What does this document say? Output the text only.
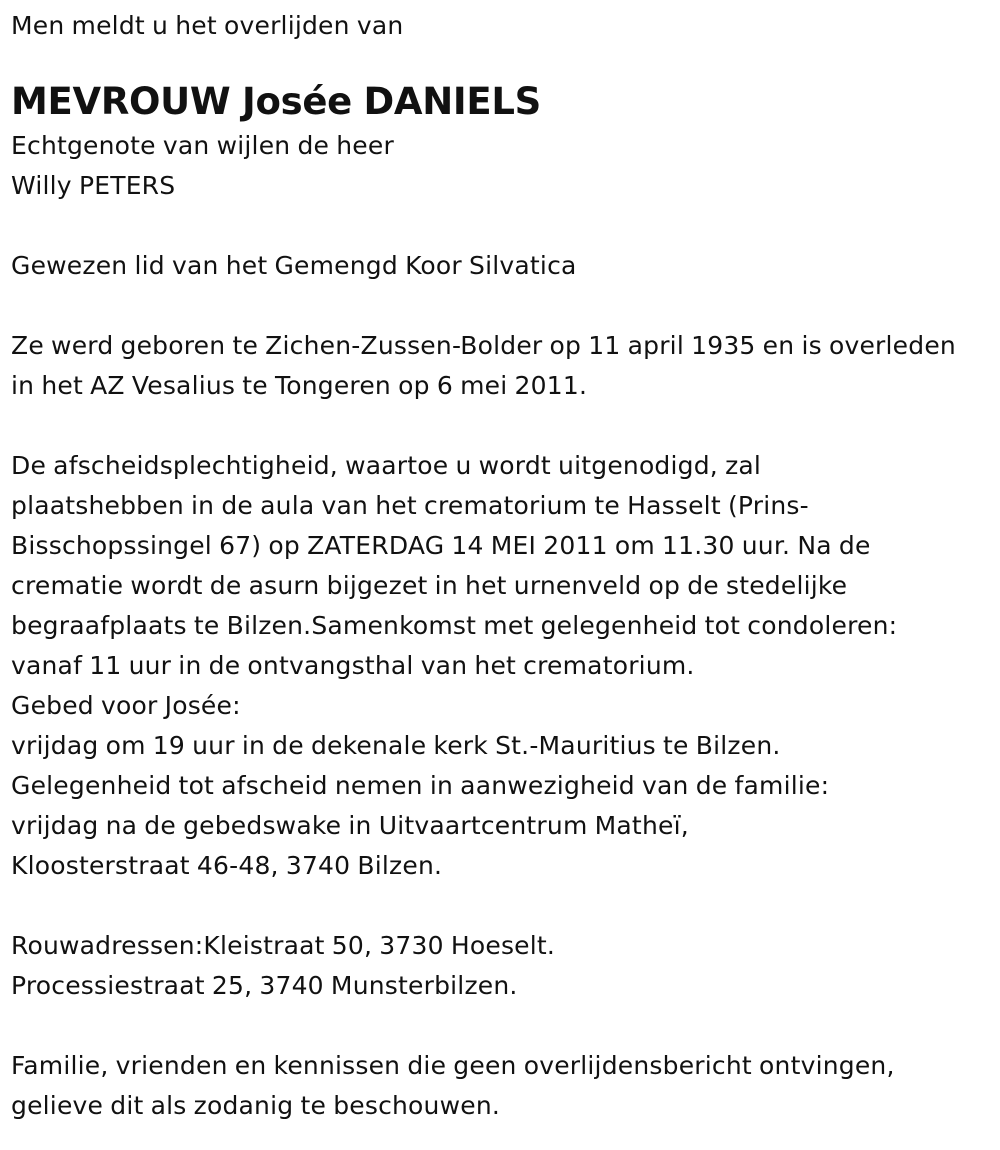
Men meldt u het overlijden van
MEVROUW Josée DANIELS
Echtgenote van wijlen de heer
Willy PETERS
Gewezen lid van het Gemengd Koor Silvatica
Ze werd geboren te Zichen-Zussen-Bolder op 11 april 1935 en is overleden
in het AZ Vesalius te Tongeren op 6 mei 2011.
De afscheidsplechtigheid, waartoe u wordt uitgenodigd, zal
plaatshebben in de aula van het crematorium te Hasselt (Prins-
Bisschopssingel 67) op ZATERDAG 14 MEI 2011 om 11.30 uur. Na de
crematie wordt de asurn bijgezet in het urnenveld op de stedelijke
begraafplaats te Bilzen.Samenkomst met gelegenheid tot condoleren:
vanaf 11 uur in de ontvangsthal van het crematorium.
Gebed voor Josée:
vrijdag om 19 uur in de dekenale kerk St.-Mauritius te Bilzen.
Gelegenheid tot afscheid nemen in aanwezigheid van de familie:
vrijdag na de gebedswake in Uitvaartcentrum Matheï,
Kloosterstraat 46-48, 3740 Bilzen.
Rouwadressen:Kleistraat 50, 3730 Hoeselt.
Processiestraat 25, 3740 Munsterbilzen.
Familie, vrienden en kennissen die geen overlijdensbericht ontvingen,
gelieve dit als zodanig te beschouwen.
